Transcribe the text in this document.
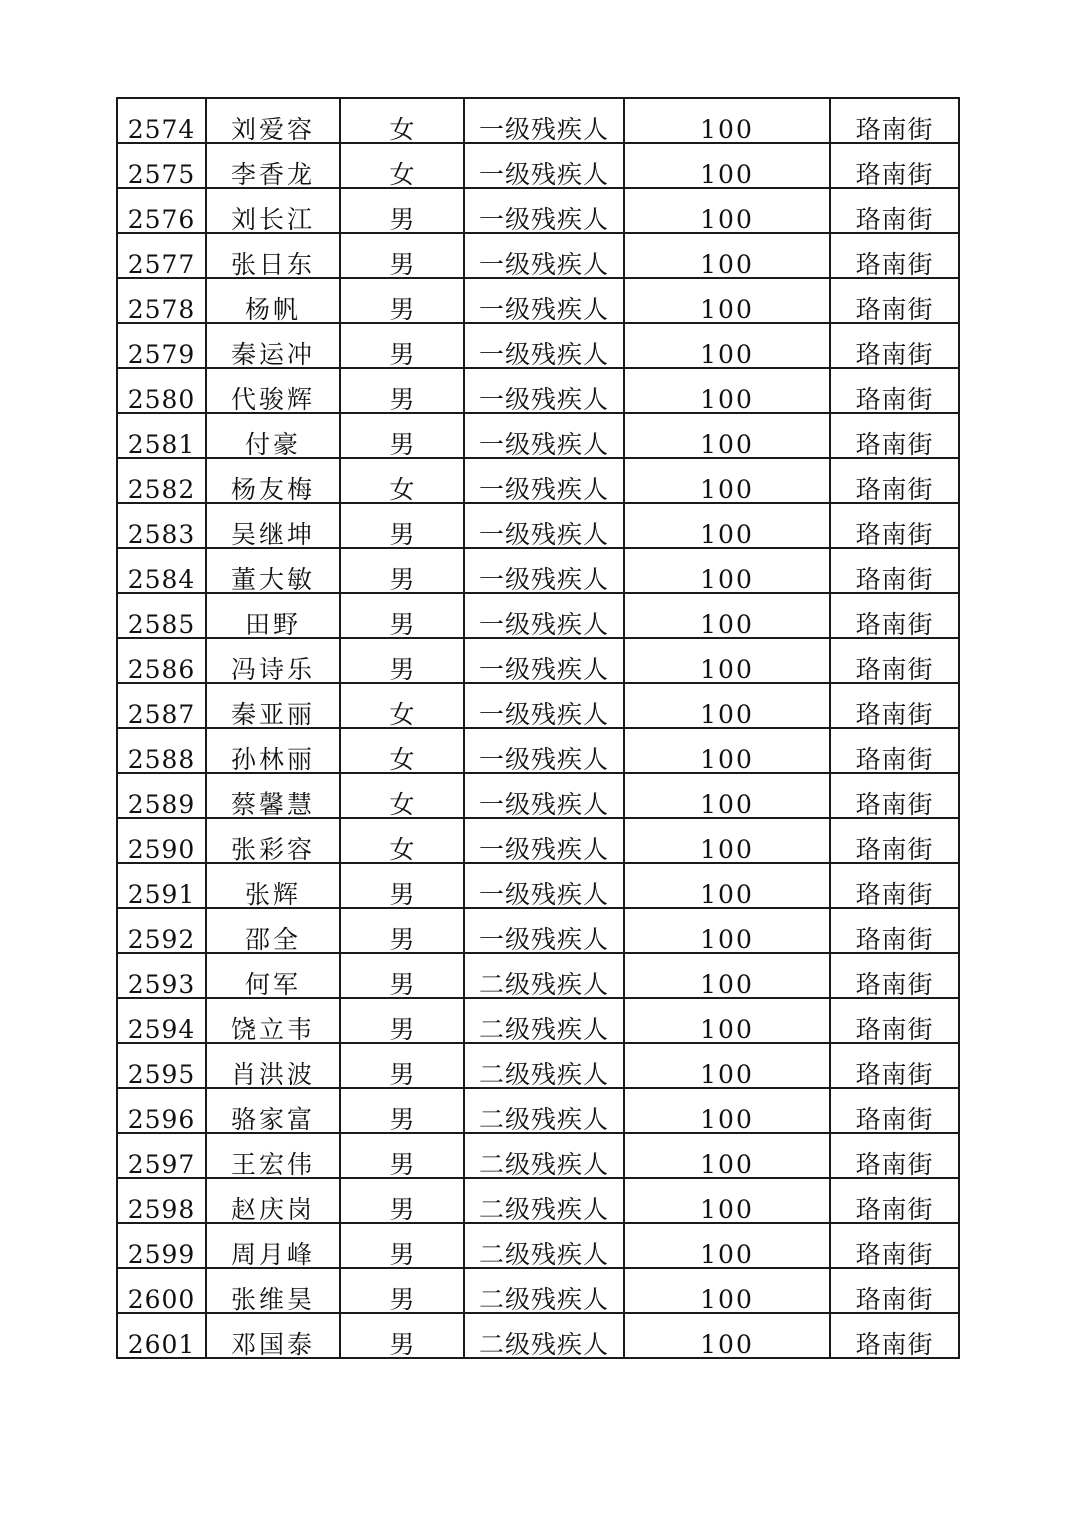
2574	刘爱容	女	一级残疾人	100	珞南街
2575	李香龙	女	一级残疾人	100	珞南街
2576	刘长江	男	一级残疾人	100	珞南街
2577	张日东	男	一级残疾人	100	珞南街
2578	杨帆	男	一级残疾人	100	珞南街
2579	秦运冲	男	一级残疾人	100	珞南街
2580	代骏辉	男	一级残疾人	100	珞南街
2581	付豪	男	一级残疾人	100	珞南街
2582	杨友梅	女	一级残疾人	100	珞南街
2583	吴继坤	男	一级残疾人	100	珞南街
2584	董大敏	男	一级残疾人	100	珞南街
2585	田野	男	一级残疾人	100	珞南街
2586	冯诗乐	男	一级残疾人	100	珞南街
2587	秦亚丽	女	一级残疾人	100	珞南街
2588	孙林丽	女	一级残疾人	100	珞南街
2589	蔡馨慧	女	一级残疾人	100	珞南街
2590	张彩容	女	一级残疾人	100	珞南街
2591	张辉	男	一级残疾人	100	珞南街
2592	邵全	男	一级残疾人	100	珞南街
2593	何军	男	二级残疾人	100	珞南街
2594	饶立韦	男	二级残疾人	100	珞南街
2595	肖洪波	男	二级残疾人	100	珞南街
2596	骆家富	男	二级残疾人	100	珞南街
2597	王宏伟	男	二级残疾人	100	珞南街
2598	赵庆岗	男	二级残疾人	100	珞南街
2599	周月峰	男	二级残疾人	100	珞南街
2600	张维昊	男	二级残疾人	100	珞南街
2601	邓国泰	男	二级残疾人	100	珞南街
